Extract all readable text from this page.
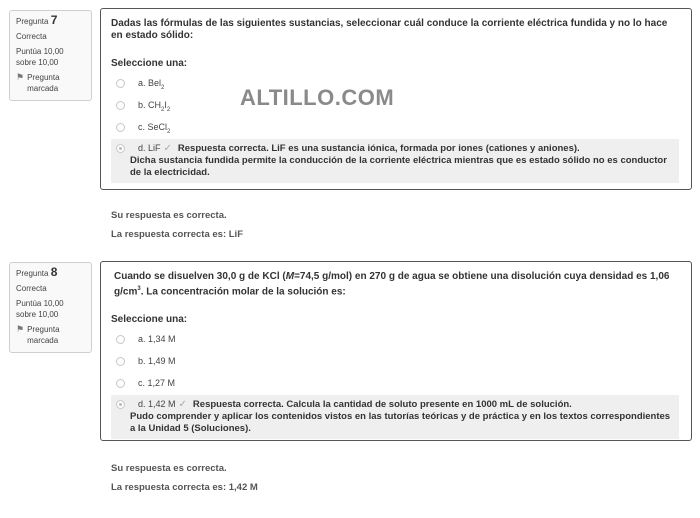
Pregunta 7
Correcta
Puntúa 10,00
sobre 10,00
⚑ Pregunta
marcada
Dadas las fórmulas de las siguientes sustancias, seleccionar cuál conduce la corriente eléctrica fundida y no lo hace en estado sólido:
Seleccione una:
a. Bel$_2$
b. $CH_2I_2$
c. SeCl$_2$
d. LiF ✓ Respuesta correcta. LiF es una sustancia iónica, formada por iones (cationes y aniones).
Dicha sustancia fundida permite la conducción de la corriente eléctrica mientras que es estado sólido no es conductor de la electricidad.
Su respuesta es correcta.
La respuesta correcta es: LiF
Pregunta 8
Correcta
Puntúa 10,00
sobre 10,00
⚑ Pregunta
marcada
Cuando se disuelven 30,0 g de KCl (M=74,5 g/mol) en 270 g de agua se obtiene una disolución cuya densidad es 1,06 $g/cm^3$. La concentración molar de la solución es:
Seleccione una:
a. 1,34 M
b. 1,49 M
c. 1,27 M
d. 1,42 M ✓ Respuesta correcta. Calcula la cantidad de soluto presente en 1000 mL de solución.
Pudo comprender y aplicar los contenidos vistos en las tutorías teóricas y de práctica y en los textos correspondientes a la Unidad 5 (Soluciones).
Su respuesta es correcta.
La respuesta correcta es: 1,42 M
ALTILLO.COM
